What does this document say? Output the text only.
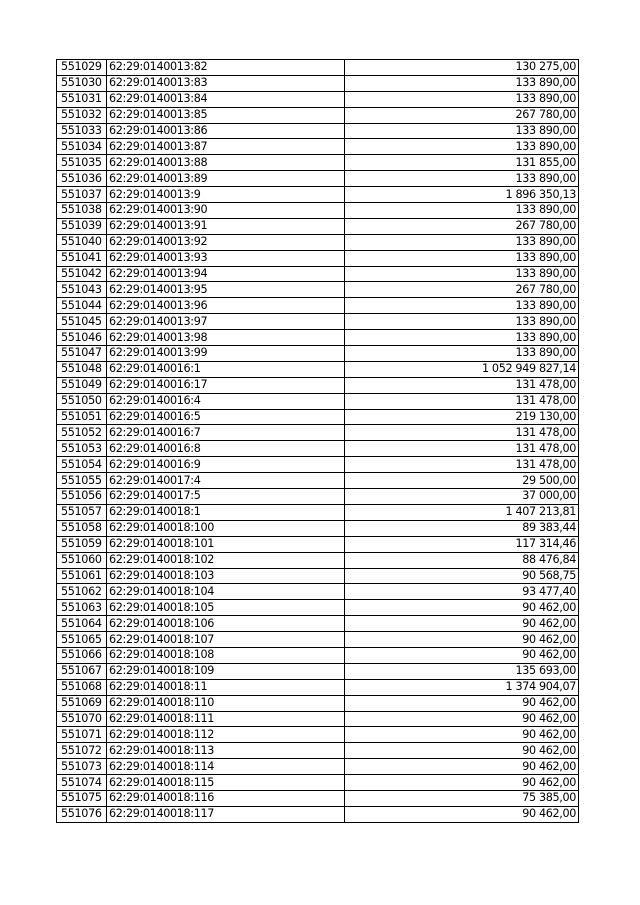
551029	62:29:0140013:82	130 275,00
551030	62:29:0140013:83	133 890,00
551031	62:29:0140013:84	133 890,00
551032	62:29:0140013:85	267 780,00
551033	62:29:0140013:86	133 890,00
551034	62:29:0140013:87	133 890,00
551035	62:29:0140013:88	131 855,00
551036	62:29:0140013:89	133 890,00
551037	62:29:0140013:9	1 896 350,13
551038	62:29:0140013:90	133 890,00
551039	62:29:0140013:91	267 780,00
551040	62:29:0140013:92	133 890,00
551041	62:29:0140013:93	133 890,00
551042	62:29:0140013:94	133 890,00
551043	62:29:0140013:95	267 780,00
551044	62:29:0140013:96	133 890,00
551045	62:29:0140013:97	133 890,00
551046	62:29:0140013:98	133 890,00
551047	62:29:0140013:99	133 890,00
551048	62:29:0140016:1	1 052 949 827,14
551049	62:29:0140016:17	131 478,00
551050	62:29:0140016:4	131 478,00
551051	62:29:0140016:5	219 130,00
551052	62:29:0140016:7	131 478,00
551053	62:29:0140016:8	131 478,00
551054	62:29:0140016:9	131 478,00
551055	62:29:0140017:4	29 500,00
551056	62:29:0140017:5	37 000,00
551057	62:29:0140018:1	1 407 213,81
551058	62:29:0140018:100	89 383,44
551059	62:29:0140018:101	117 314,46
551060	62:29:0140018:102	88 476,84
551061	62:29:0140018:103	90 568,75
551062	62:29:0140018:104	93 477,40
551063	62:29:0140018:105	90 462,00
551064	62:29:0140018:106	90 462,00
551065	62:29:0140018:107	90 462,00
551066	62:29:0140018:108	90 462,00
551067	62:29:0140018:109	135 693,00
551068	62:29:0140018:11	1 374 904,07
551069	62:29:0140018:110	90 462,00
551070	62:29:0140018:111	90 462,00
551071	62:29:0140018:112	90 462,00
551072	62:29:0140018:113	90 462,00
551073	62:29:0140018:114	90 462,00
551074	62:29:0140018:115	90 462,00
551075	62:29:0140018:116	75 385,00
551076	62:29:0140018:117	90 462,00
